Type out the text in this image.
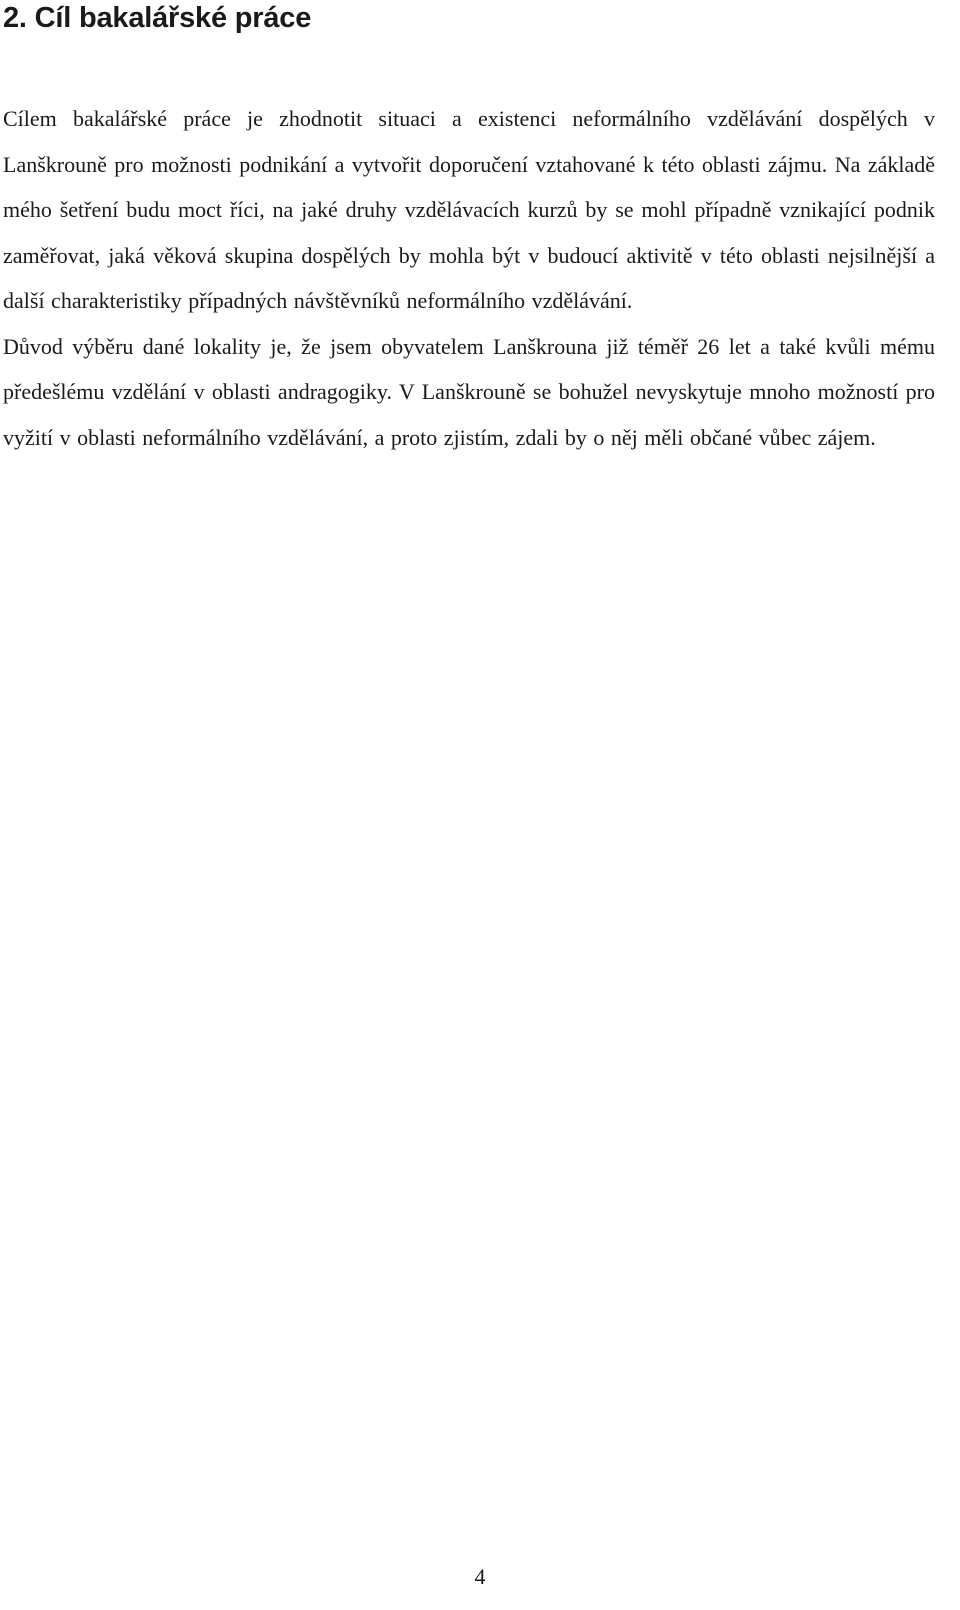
2. Cíl bakalářské práce

Cílem bakalářské práce je zhodnotit situaci a existenci neformálního vzdělávání dospělých v Lanškrouně pro možnosti podnikání a vytvořit doporučení vztahované k této oblasti zájmu. Na základě mého šetření budu moct říci, na jaké druhy vzdělávacích kurzů by se mohl případně vznikající podnik zaměřovat, jaká věková skupina dospělých by mohla být v budoucí aktivitě v této oblasti nejsilnější a další charakteristiky případných návštěvníků neformálního vzdělávání.

Důvod výběru dané lokality je, že jsem obyvatelem Lanškrouna již téměř 26 let a také kvůli mému předešlému vzdělání v oblasti andragogiky. V Lanškrouně se bohužel nevyskytuje mnoho možností pro vyžití v oblasti neformálního vzdělávání, a proto zjistím, zdali by o něj měli občané vůbec zájem.

4
